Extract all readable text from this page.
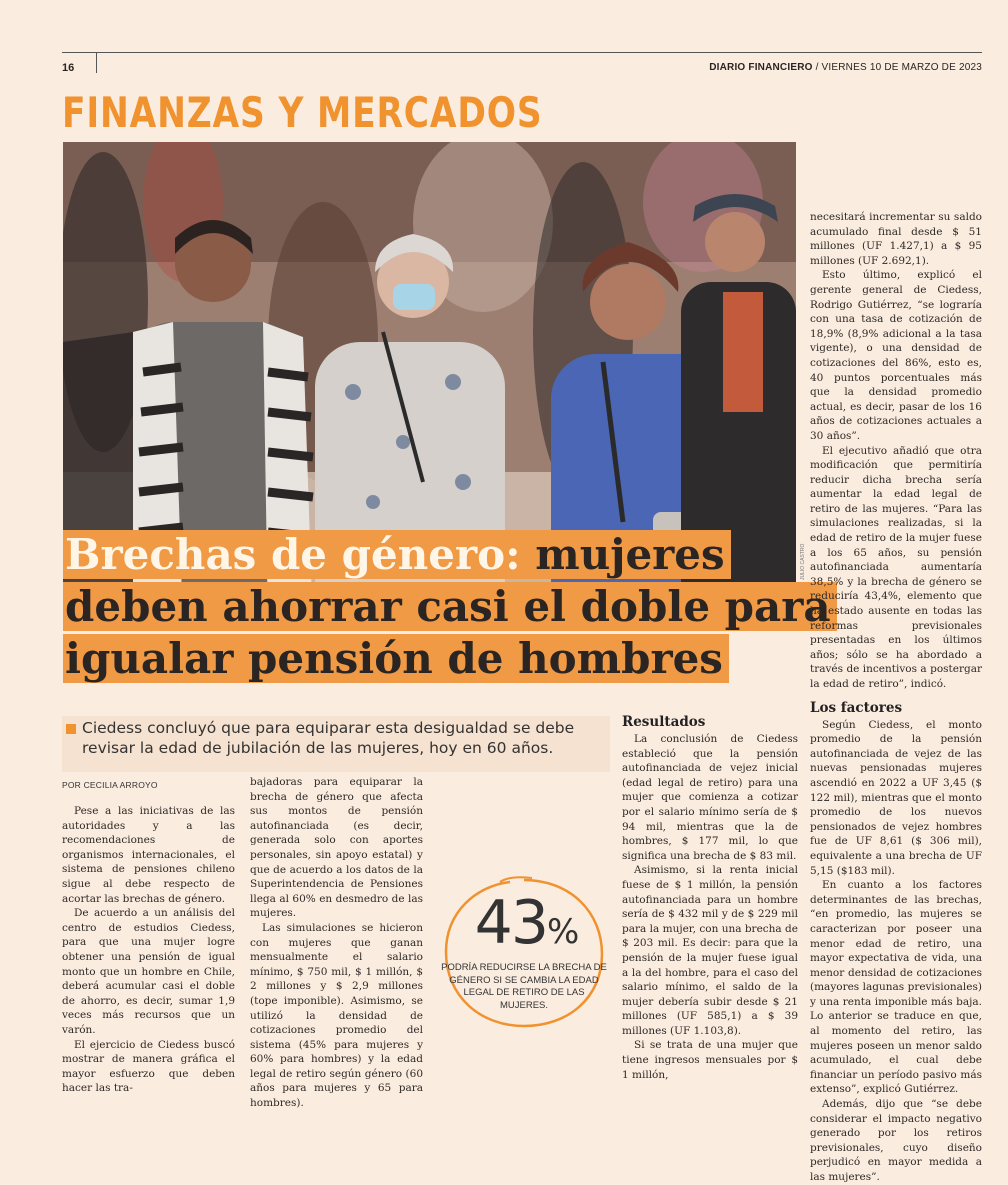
16	DIARIO FINANCIERO / VIERNES 10 DE MARZO DE 2023
FINANZAS Y MERCADOS
JULIO CASTRO
Brechas de género: mujeres
deben ahorrar casi el doble para
igualar pensión de hombres
Ciedess concluyó que para equiparar esta desigualdad se debe revisar la edad de jubilación de las mujeres, hoy en 60 años.
POR CECILIA ARROYO

Pese a las iniciativas de las autoridades y a las recomendaciones de organismos internacionales, el sistema de pensiones chileno sigue al debe respecto de acortar las brechas de género.

De acuerdo a un análisis del centro de estudios Ciedess, para que una mujer logre obtener una pensión de igual monto que un hombre en Chile, deberá acumular casi el doble de ahorro, es decir, sumar 1,9 veces más recursos que un varón.

El ejercicio de Ciedess buscó mostrar de manera gráfica el mayor esfuerzo que deben hacer las tra-

bajadoras para equiparar la brecha de género que afecta sus montos de pensión autofinanciada (es decir, generada solo con aportes personales, sin apoyo estatal) y que de acuerdo a los datos de la Superintendencia de Pensiones llega al 60% en desmedro de las mujeres.

Las simulaciones se hicieron con mujeres que ganan mensualmente el salario mínimo, $ 750 mil, $ 1 millón, $ 2 millones y $ 2,9 millones (tope imponible). Asimismo, se utilizó la densidad de cotizaciones promedio del sistema (45% para mujeres y 60% para hombres) y la edad legal de retiro según género (60 años para mujeres y 65 para hombres).

43%
PODRÍA REDUCIRSE LA BRECHA DE GÉNERO SI SE CAMBIA LA EDAD LEGAL DE RETIRO DE LAS MUJERES.
Resultados

La conclusión de Ciedess estableció que la pensión autofinanciada de vejez inicial (edad legal de retiro) para una mujer que comienza a cotizar por el salario mínimo sería de $ 94 mil, mientras que la de hombres, $ 177 mil, lo que significa una brecha de $ 83 mil.

Asimismo, si la renta inicial fuese de $ 1 millón, la pensión autofinanciada para un hombre sería de $ 432 mil y de $ 229 mil para la mujer, con una brecha de $ 203 mil. Es decir: para que la pensión de la mujer fuese igual a la del hombre, para el caso del salario mínimo, el saldo de la mujer debería subir desde $ 21 millones (UF 585,1) a $ 39 millones (UF 1.103,8).

Si se trata de una mujer que tiene ingresos mensuales por $ 1 millón,

necesitará incrementar su saldo acumulado final desde $ 51 millones (UF 1.427,1) a $ 95 millones (UF 2.692,1).

Esto último, explicó el gerente general de Ciedess, Rodrigo Gutiérrez, “se lograría con una tasa de cotización de 18,9% (8,9% adicional a la tasa vigente), o una densidad de cotizaciones del 86%, esto es, 40 puntos porcentuales más que la densidad promedio actual, es decir, pasar de los 16 años de cotizaciones actuales a 30 años”.

El ejecutivo añadió que otra modificación que permitiría reducir dicha brecha sería aumentar la edad legal de retiro de las mujeres. “Para las simulaciones realizadas, si la edad de retiro de la mujer fuese a los 65 años, su pensión autofinanciada aumentaría 38,5% y la brecha de género se reduciría 43,4%, elemento que ha estado ausente en todas las reformas previsionales presentadas en los últimos años; sólo se ha abordado a través de incentivos a postergar la edad de retiro”, indicó.

Los factores

Según Ciedess, el monto promedio de la pensión autofinanciada de vejez de las nuevas pensionadas mujeres ascendió en 2022 a UF 3,45 ($ 122 mil), mientras que el monto promedio de los nuevos pensionados de vejez hombres fue de UF 8,61 ($ 306 mil), equivalente a una brecha de UF 5,15 ($183 mil).

En cuanto a los factores determinantes de las brechas, “en promedio, las mujeres se caracterizan por poseer una menor edad de retiro, una mayor expectativa de vida, una menor densidad de cotizaciones (mayores lagunas previsionales) y una renta imponible más baja. Lo anterior se traduce en que, al momento del retiro, las mujeres poseen un menor saldo acumulado, el cual debe financiar un período pasivo más extenso”, explicó Gutiérrez.

Además, dijo que “se debe considerar el impacto negativo generado por los retiros previsionales, cuyo diseño perjudicó en mayor medida a las mujeres”.
